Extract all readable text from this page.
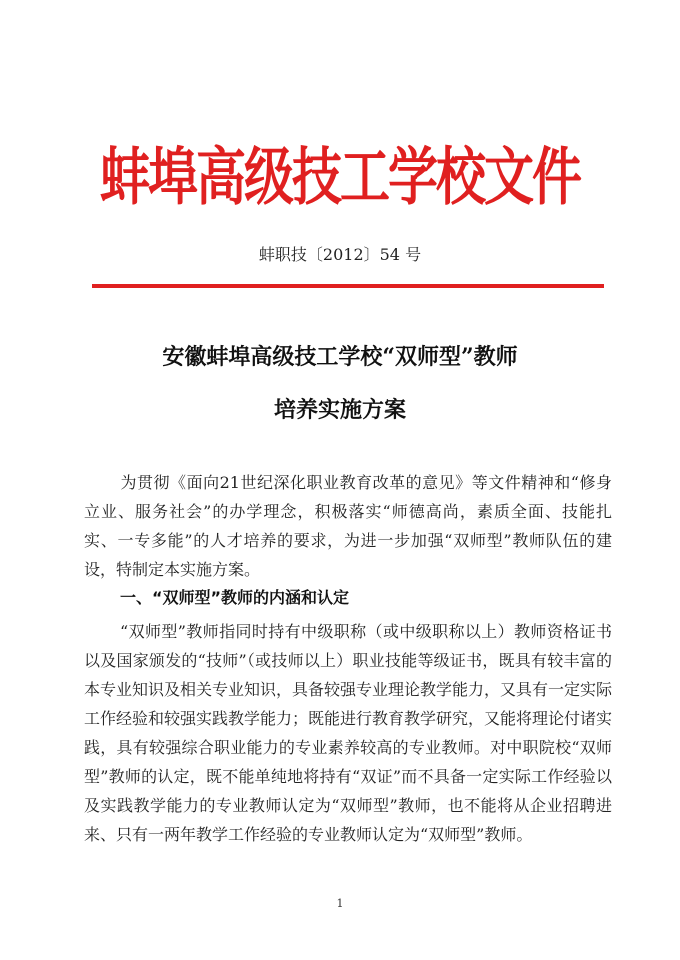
蚌埠高级技工学校文件
蚌职技〔2012〕54 号
安徽蚌埠高级技工学校“双师型”教师
培养实施方案

为贯彻《面向21世纪深化职业教育改革的意见》等文件精神和“修身立业、服务社会”的办学理念，积极落实“师德高尚，素质全面、技能扎实、一专多能”的人才培养的要求，为进一步加强“双师型”教师队伍的建设，特制定本实施方案。

一、“双师型”教师的内涵和认定

“双师型”教师指同时持有中级职称（或中级职称以上）教师资格证书以及国家颁发的“技师”（或技师以上）职业技能等级证书，既具有较丰富的本专业知识及相关专业知识，具备较强专业理论教学能力，又具有一定实际工作经验和较强实践教学能力；既能进行教育教学研究，又能将理论付诸实践，具有较强综合职业能力的专业素养较高的专业教师。对中职院校“双师型”教师的认定，既不能单纯地将持有“双证”而不具备一定实际工作经验以及实践教学能力的专业教师认定为“双师型”教师，也不能将从企业招聘进来、只有一两年教学工作经验的专业教师认定为“双师型”教师。

1
